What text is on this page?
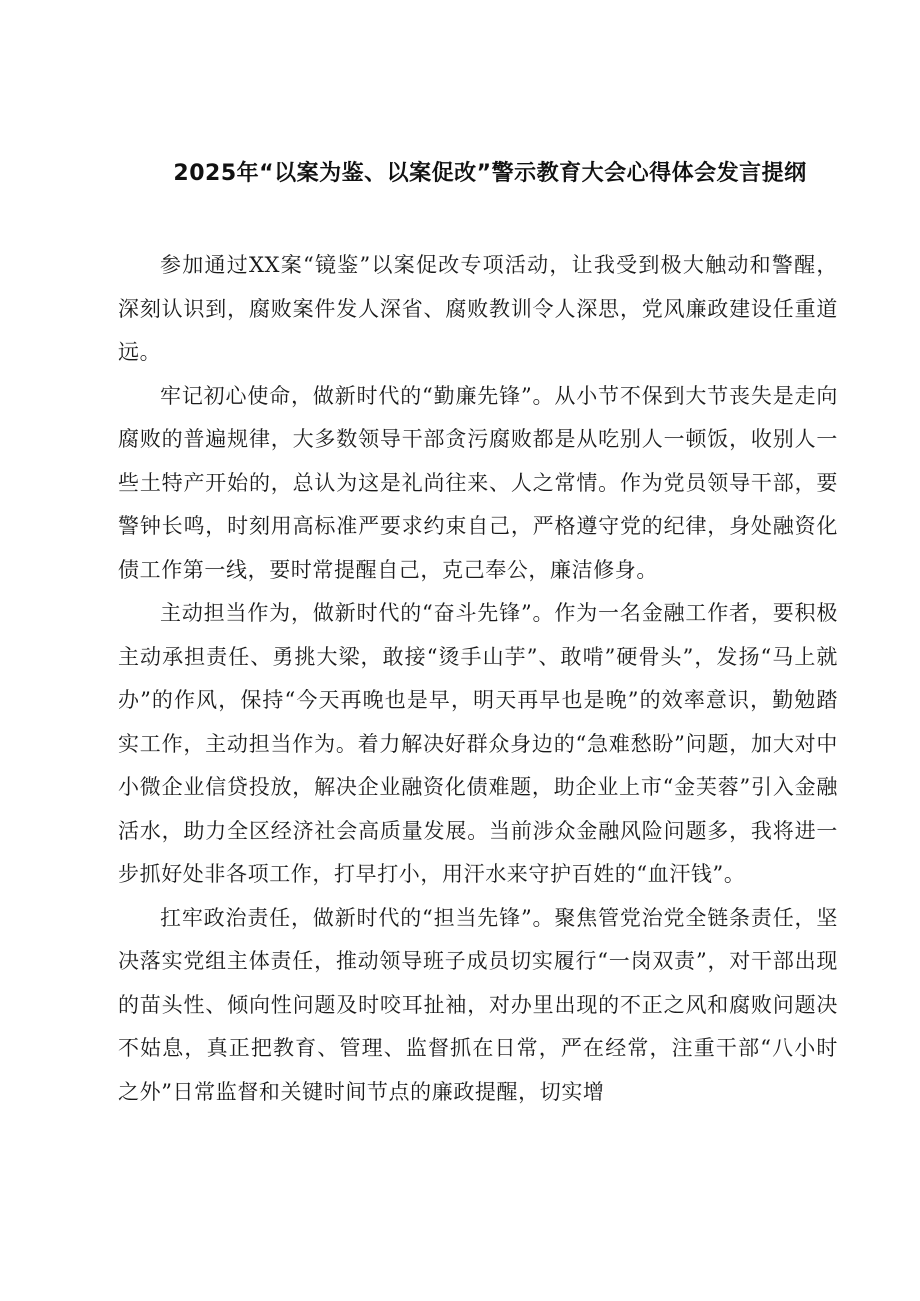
2025年“以案为鉴、以案促改”警示教育大会心得体会发言提纲

参加通过XX案“镜鉴”以案促改专项活动，让我受到极大触动和警醒，深刻认识到，腐败案件发人深省、腐败教训令人深思，党风廉政建设任重道远。

牢记初心使命，做新时代的“勤廉先锋”。从小节不保到大节丧失是走向腐败的普遍规律，大多数领导干部贪污腐败都是从吃别人一顿饭，收别人一些土特产开始的，总认为这是礼尚往来、人之常情。作为党员领导干部，要警钟长鸣，时刻用高标准严要求约束自己，严格遵守党的纪律，身处融资化债工作第一线，要时常提醒自己，克己奉公，廉洁修身。

主动担当作为，做新时代的“奋斗先锋”。作为一名金融工作者，要积极主动承担责任、勇挑大梁，敢接“烫手山芋”、敢啃”硬骨头”，发扬“马上就办”的作风，保持“今天再晚也是早，明天再早也是晚”的效率意识，勤勉踏实工作，主动担当作为。着力解决好群众身边的“急难愁盼”问题，加大对中小微企业信贷投放，解决企业融资化债难题，助企业上市“金芙蓉”引入金融活水，助力全区经济社会高质量发展。当前涉众金融风险问题多，我将进一步抓好处非各项工作，打早打小，用汗水来守护百姓的“血汗钱”。

扛牢政治责任，做新时代的“担当先锋”。聚焦管党治党全链条责任，坚决落实党组主体责任，推动领导班子成员切实履行“一岗双责”，对干部出现的苗头性、倾向性问题及时咬耳扯袖，对办里出现的不正之风和腐败问题决不姑息，真正把教育、管理、监督抓在日常，严在经常，注重干部“八小时之外”日常监督和关键时间节点的廉政提醒，切实增
